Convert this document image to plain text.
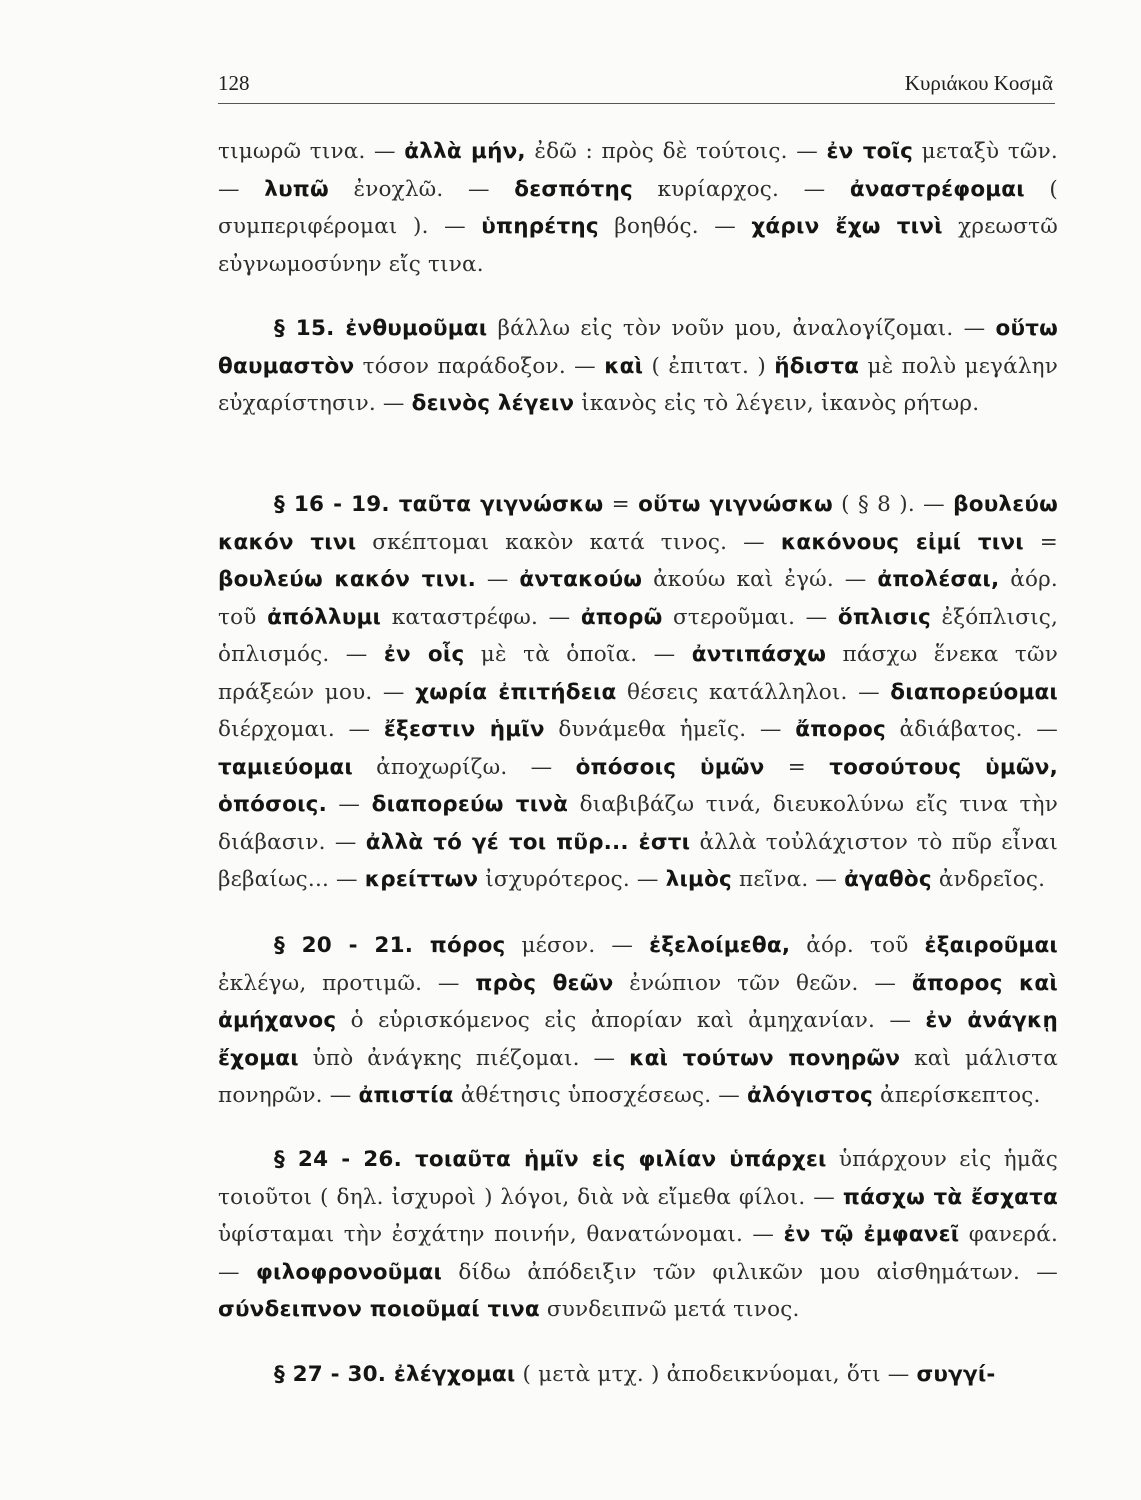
128	Κυριάκου Κοσμᾶ

τιμωρῶ τινα. — ἀλλὰ μήν, ἐδῶ : πρὸς δὲ τούτοις. — ἐν τοῖς μεταξὺ τῶν. — λυπῶ ἐνοχλῶ. — δεσπότης κυρίαρχος. — ἀναστρέφομαι ( συμπεριφέρομαι ). — ὑπηρέτης βοηθός. — χάριν ἔχω τινὶ χρεωστῶ εὐγνωμοσύνην εἴς τινα.

§ 15. ἐνθυμοῦμαι βάλλω εἰς τὸν νοῦν μου, ἀναλογίζομαι. — οὕτω θαυμαστὸν τόσον παράδοξον. — καὶ ( ἐπιτατ. ) ἥδιστα μὲ πολὺ μεγάλην εὐχαρίστησιν. — δεινὸς λέγειν ἱκανὸς εἰς τὸ λέγειν, ἱκανὸς ρήτωρ.

§ 16 - 19. ταῦτα γιγνώσκω = οὕτω γιγνώσκω ( § 8 ). — βουλεύω κακόν τινι σκέπτομαι κακὸν κατά τινος. — κακόνους εἰμί τινι = βουλεύω κακόν τινι. — ἀντακούω ἀκούω καὶ ἐγώ. — ἀπολέσαι, ἀόρ. τοῦ ἀπόλλυμι καταστρέφω. — ἀπορῶ στεροῦμαι. — ὅπλισις ἐξόπλισις, ὁπλισμός. — ἐν οἷς μὲ τὰ ὁποῖα. — ἀντιπάσχω πάσχω ἕνεκα τῶν πράξεών μου. — χωρία ἐπιτήδεια θέσεις κατάλληλοι. — διαπορεύομαι διέρχομαι. — ἔξεστιν ἡμῖν δυνάμεθα ἡμεῖς. — ἄπορος ἀδιάβατος. — ταμιεύομαι ἀποχωρίζω. — ὁπόσοις ὑμῶν = τοσούτους ὑμῶν, ὁπόσοις. — διαπορεύω τινὰ διαβιβάζω τινά, διευκολύνω εἴς τινα τὴν διάβασιν. — ἀλλὰ τό γέ τοι πῦρ... ἐστι ἀλλὰ τοὐλάχιστον τὸ πῦρ εἶναι βεβαίως... — κρείττων ἰσχυρότερος. — λιμὸς πεῖνα. — ἀγαθὸς ἀνδρεῖος.

§ 20 - 21. πόρος μέσον. — ἐξελοίμεθα, ἀόρ. τοῦ ἐξαιροῦμαι ἐκλέγω, προτιμῶ. — πρὸς θεῶν ἐνώπιον τῶν θεῶν. — ἄπορος καὶ ἀμήχανος ὁ εὑρισκόμενος εἰς ἀπορίαν καὶ ἀμηχανίαν. — ἐν ἀνάγκῃ ἔχομαι ὑπὸ ἀνάγκης πιέζομαι. — καὶ τούτων πονηρῶν καὶ μάλιστα πονηρῶν. — ἀπιστία ἀθέτησις ὑποσχέσεως. — ἀλόγιστος ἀπερίσκεπτος.

§ 24 - 26. τοιαῦτα ἡμῖν εἰς φιλίαν ὑπάρχει ὑπάρχουν εἰς ἡμᾶς τοιοῦτοι ( δηλ. ἰσχυροὶ ) λόγοι, διὰ νὰ εἴμεθα φίλοι. — πάσχω τὰ ἔσχατα ὑφίσταμαι τὴν ἐσχάτην ποινήν, θανατώνομαι. — ἐν τῷ ἐμφανεῖ φανερά. — φιλοφρονοῦμαι δίδω ἀπόδειξιν τῶν φιλικῶν μου αἰσθημάτων. — σύνδειπνον ποιοῦμαί τινα συνδειπνῶ μετά τινος.

§ 27 - 30. ἐλέγχομαι ( μετὰ μτχ. ) ἀποδεικνύομαι, ὅτι — συγγί-
